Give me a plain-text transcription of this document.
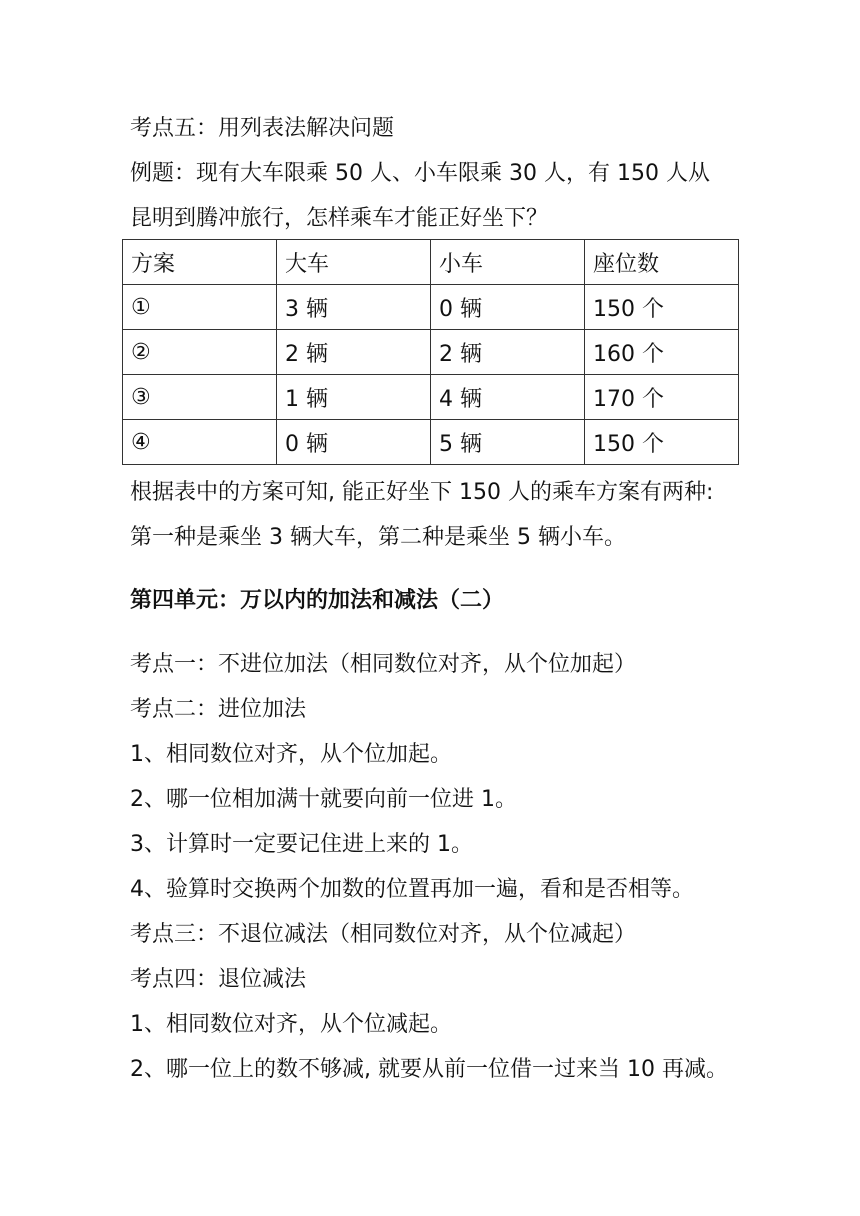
考点五：用列表法解决问题
例题：现有大车限乘 50 人、小车限乘 30 人，有 150 人从
昆明到腾冲旅行，怎样乘车才能正好坐下？
方案	大车	小车	座位数
①	3 辆	0 辆	150 个
②	2 辆	2 辆	160 个
③	1 辆	4 辆	170 个
④	0 辆	5 辆	150 个
根据表中的方案可知, 能正好坐下 150 人的乘车方案有两种:
第一种是乘坐 3 辆大车，第二种是乘坐 5 辆小车。
第四单元：万以内的加法和减法（二）
考点一：不进位加法（相同数位对齐，从个位加起）
考点二：进位加法
1、相同数位对齐，从个位加起。
2、哪一位相加满十就要向前一位进 1。
3、计算时一定要记住进上来的 1。
4、验算时交换两个加数的位置再加一遍，看和是否相等。
考点三：不退位减法（相同数位对齐，从个位减起）
考点四：退位减法
1、相同数位对齐，从个位减起。
2、哪一位上的数不够减, 就要从前一位借一过来当 10 再减。
